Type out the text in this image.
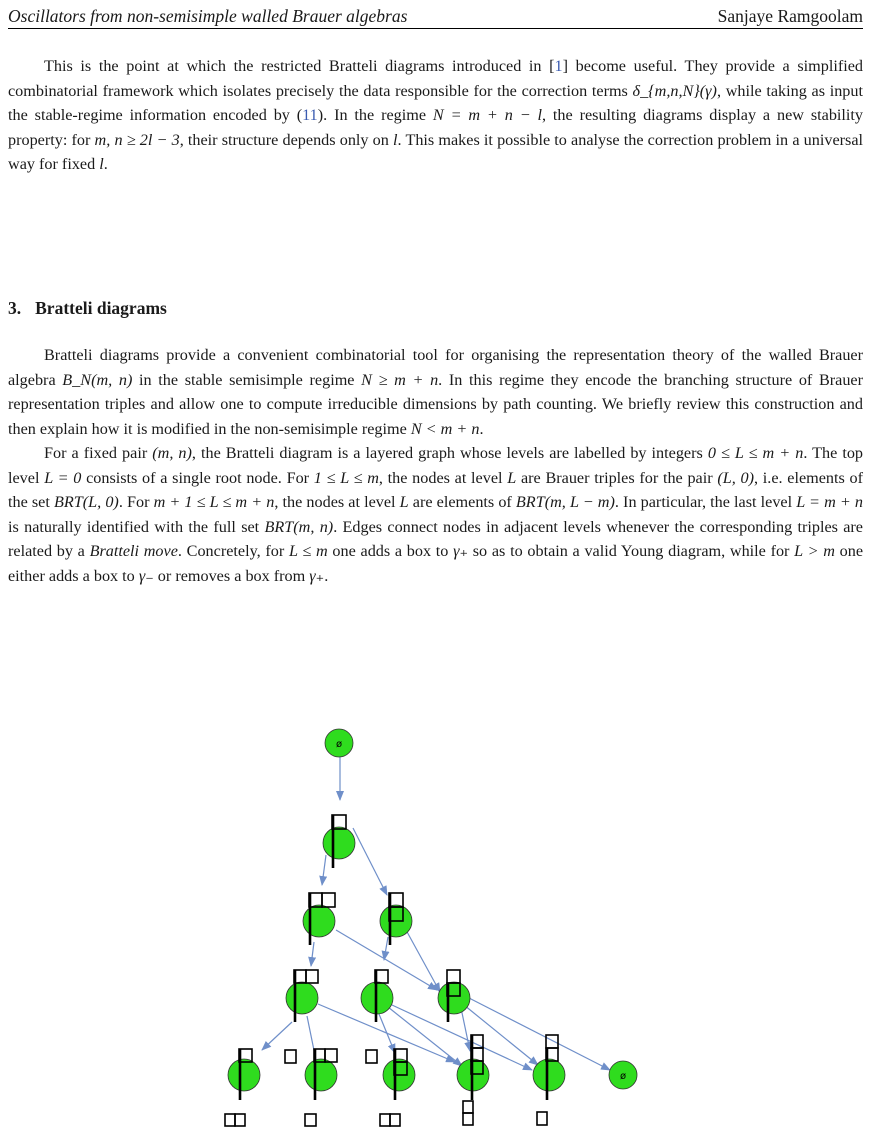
Oscillators from non-semisimple walled Brauer algebras	Sanjaye Ramgoolam

This is the point at which the restricted Bratteli diagrams introduced in [1] become useful. They provide a simplified combinatorial framework which isolates precisely the data responsible for the correction terms δ_{m,n,N}(γ), while taking as input the stable-regime information encoded by (11). In the regime N = m + n − l, the resulting diagrams display a new stability property: for m, n ≥ 2l − 3, their structure depends only on l. This makes it possible to analyse the correction problem in a universal way for fixed l.

3. Bratteli diagrams

Bratteli diagrams provide a convenient combinatorial tool for organising the representation theory of the walled Brauer algebra B_N(m, n) in the stable semisimple regime N ≥ m + n. In this regime they encode the branching structure of Brauer representation triples and allow one to compute irreducible dimensions by path counting. We briefly review this construction and then explain how it is modified in the non-semisimple regime N < m + n.

For a fixed pair (m, n), the Bratteli diagram is a layered graph whose levels are labelled by integers 0 ≤ L ≤ m + n. The top level L = 0 consists of a single root node. For 1 ≤ L ≤ m, the nodes at level L are Brauer triples for the pair (L, 0), i.e. elements of the set BRT(L, 0). For m + 1 ≤ L ≤ m + n, the nodes at level L are elements of BRT(m, L − m). In particular, the last level L = m + n is naturally identified with the full set BRT(m, n). Edges connect nodes in adjacent levels whenever the corresponding triples are related by a Bratteli move. Concretely, for L ≤ m one adds a box to γ₊ so as to obtain a valid Young diagram, while for L > m one either adds a box to γ₋ or removes a box from γ₊.

ø
ø
